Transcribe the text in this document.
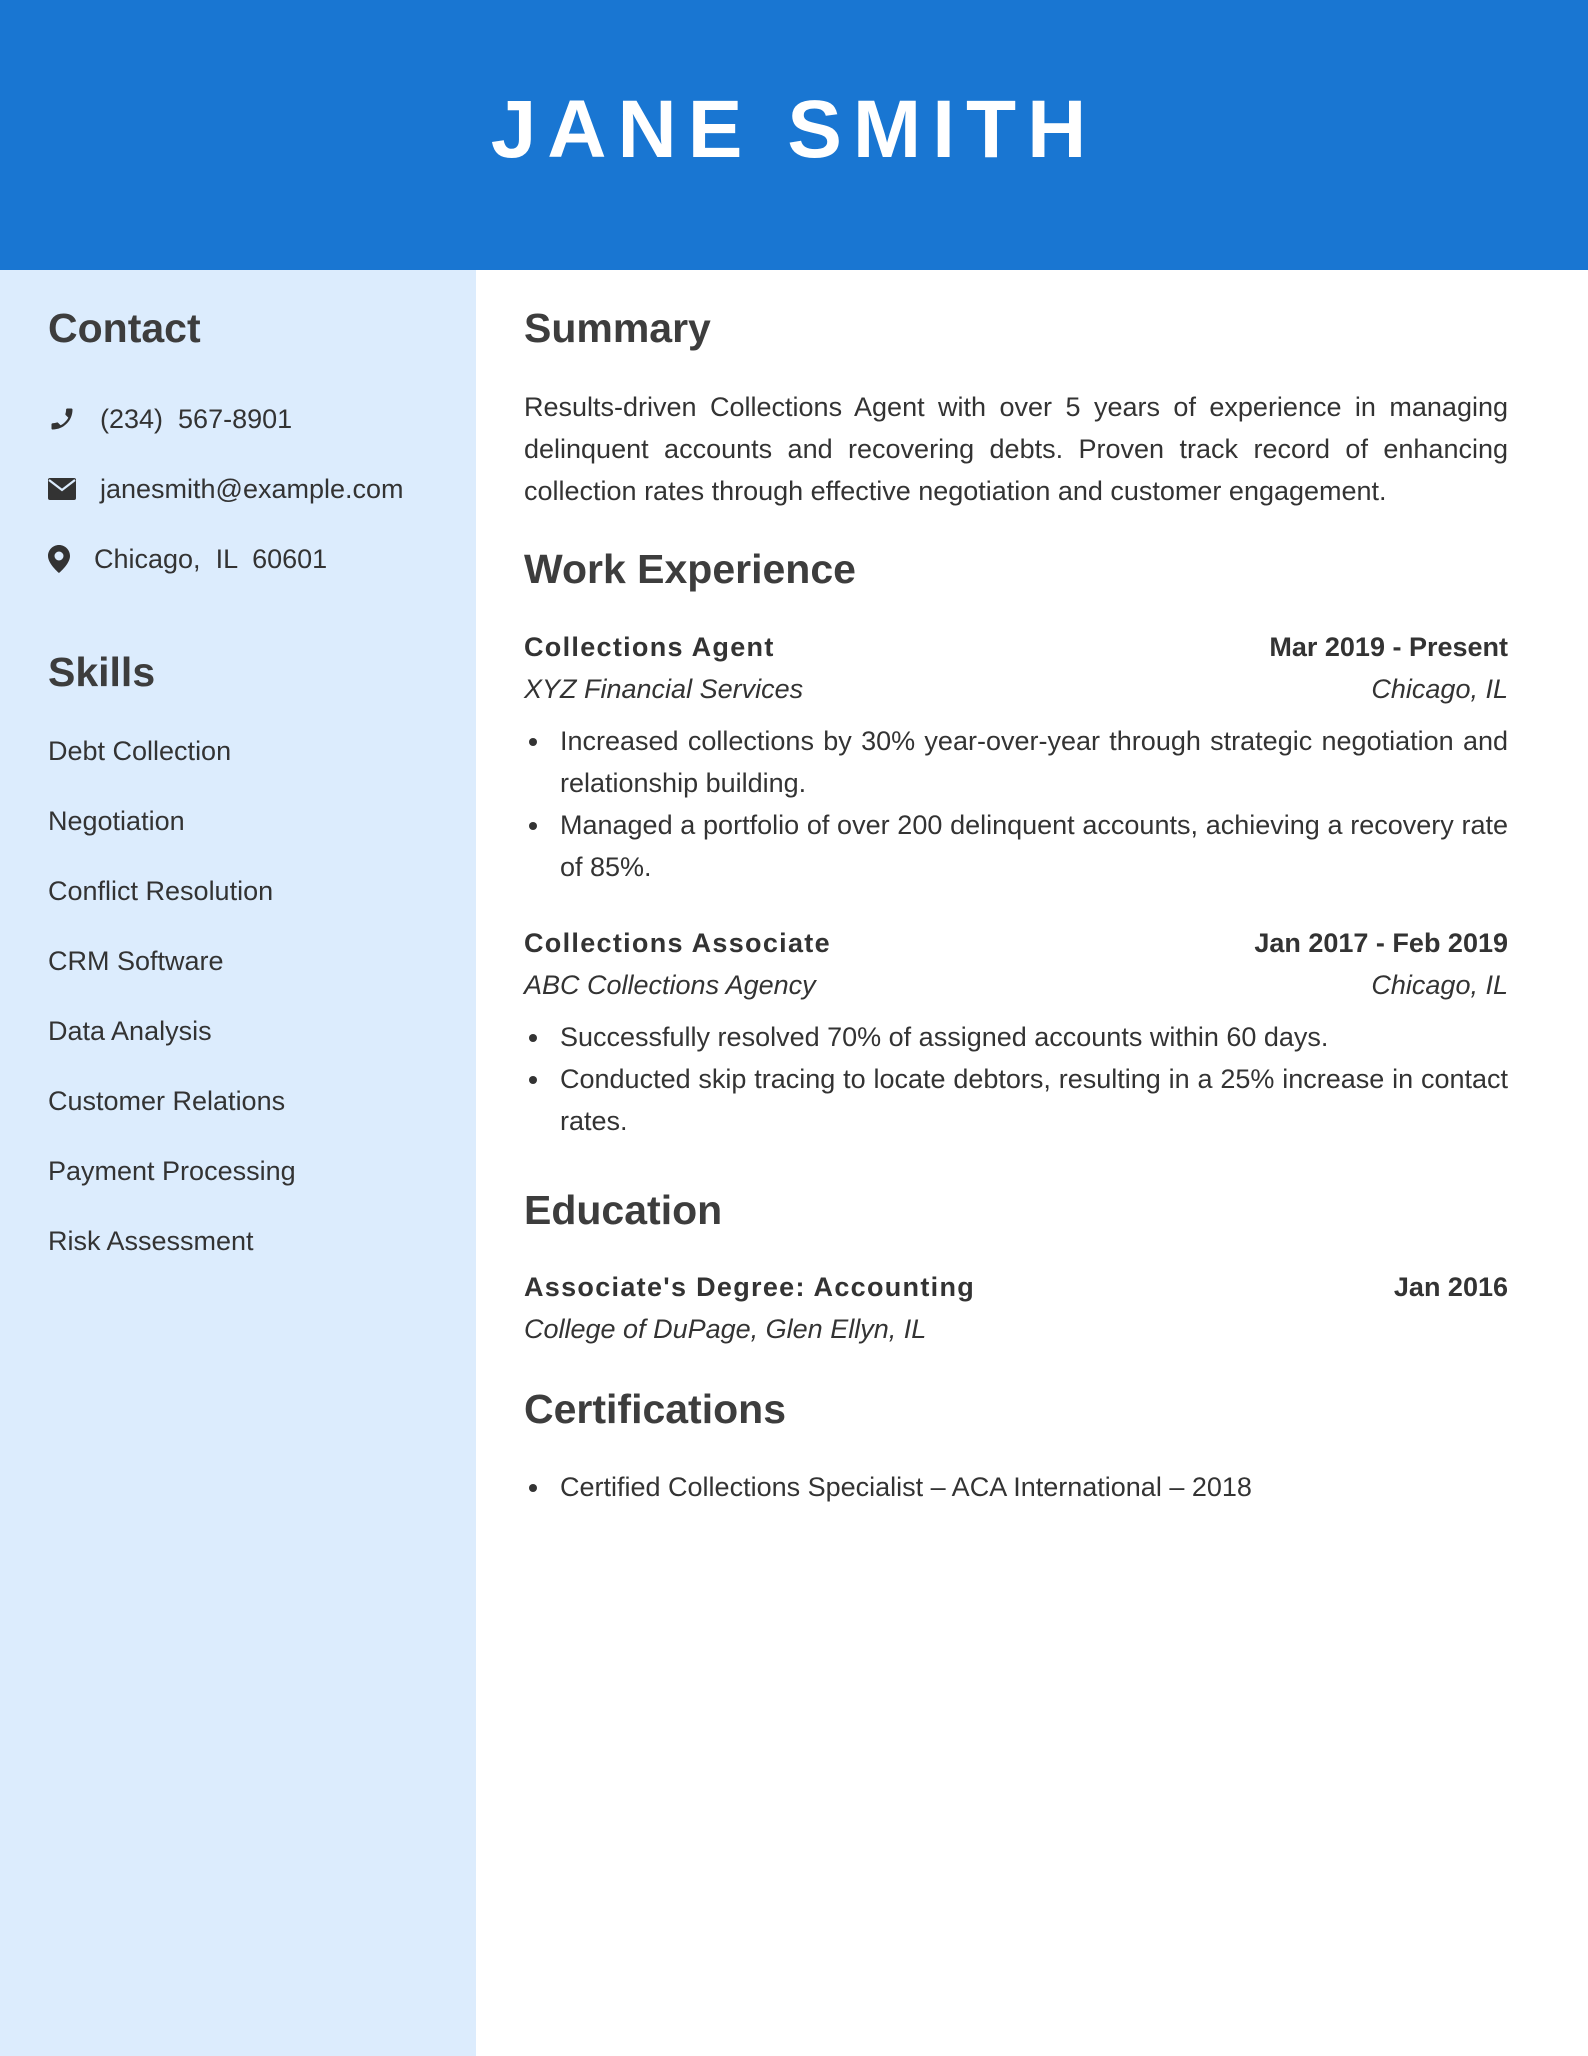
JANE SMITH
Contact
(234)  567-8901
janesmith@example.com
Chicago,  IL  60601
Skills
Debt Collection
Negotiation
Conflict Resolution
CRM Software
Data Analysis
Customer Relations
Payment Processing
Risk Assessment
Summary

Results-driven Collections Agent with over 5 years of experience in managing delinquent accounts and recovering debts. Proven track record of enhancing collection rates through effective negotiation and customer engagement.

Work Experience
Collections Agent	Mar 2019 - Present
XYZ Financial Services	Chicago, IL
Increased collections by 30% year-over-year through strategic negotiation and relationship building.
Managed a portfolio of over 200 delinquent accounts, achieving a recovery rate of 85%.
Collections Associate	Jan 2017 - Feb 2019
ABC Collections Agency	Chicago, IL
Successfully resolved 70% of assigned accounts within 60 days.
Conducted skip tracing to locate debtors, resulting in a 25% increase in contact rates.
Education
Associate's Degree: Accounting	Jan 2016
College of DuPage, Glen Ellyn, IL
Certifications
Certified Collections Specialist – ACA International – 2018
